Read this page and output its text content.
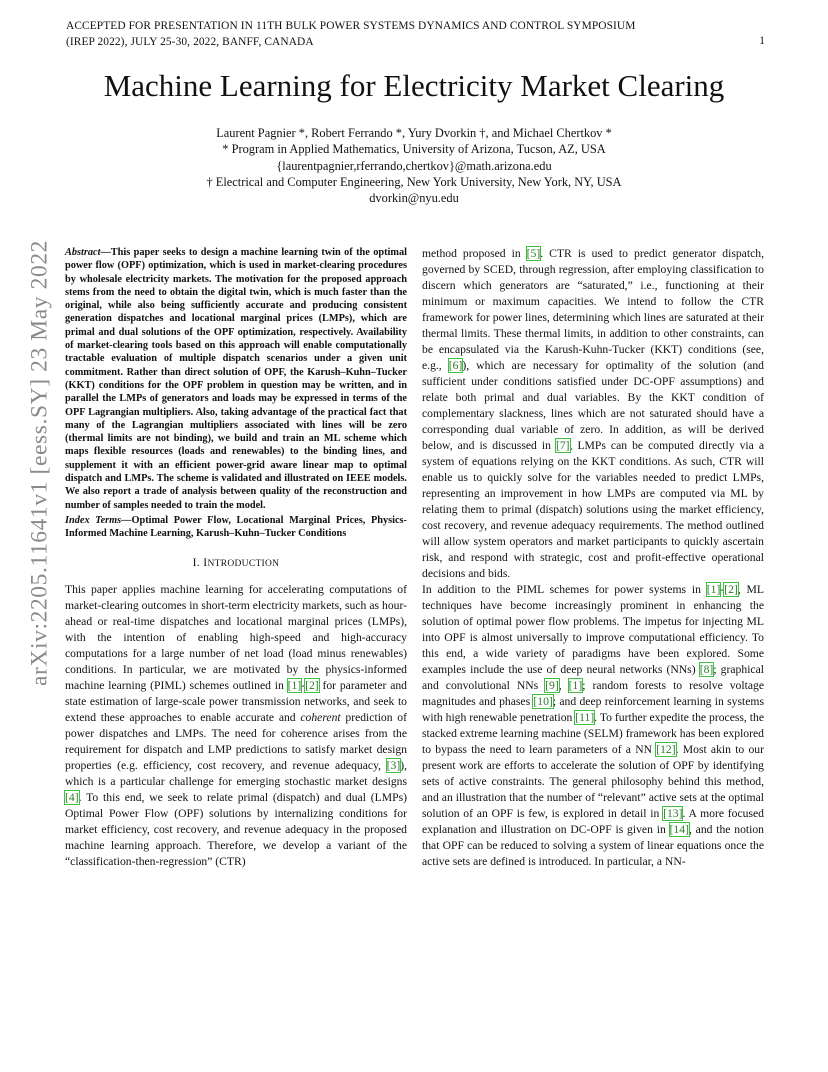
ACCEPTED FOR PRESENTATION IN 11TH BULK POWER SYSTEMS DYNAMICS AND CONTROL SYMPOSIUM
(IREP 2022), JULY 25-30, 2022, BANFF, CANADA	1
Machine Learning for Electricity Market Clearing
Laurent Pagnier *, Robert Ferrando *, Yury Dvorkin †, and Michael Chertkov *
* Program in Applied Mathematics, University of Arizona, Tucson, AZ, USA
{laurentpagnier,rferrando,chertkov}@math.arizona.edu
† Electrical and Computer Engineering, New York University, New York, NY, USA
dvorkin@nyu.edu
arXiv:2205.11641v1 [eess.SY] 23 May 2022 Abstract—This paper seeks to design a machine learning twin of the optimal power flow (OPF) optimization, which is used in market-clearing procedures by wholesale electricity markets. The motivation for the proposed approach stems from the need to obtain the digital twin, which is much faster than the original, while also being sufficiently accurate and producing consistent generation dispatches and locational marginal prices (LMPs), which are primal and dual solutions of the OPF optimization, respectively. Availability of market-clearing tools based on this approach will enable computationally tractable evaluation of multiple dispatch scenarios under a given unit commitment. Rather than direct solution of OPF, the Karush–Kuhn–Tucker (KKT) conditions for the OPF problem in question may be written, and in parallel the LMPs of generators and loads may be expressed in terms of the OPF Lagrangian multipliers. Also, taking advantage of the practical fact that many of the Lagrangian multipliers associated with lines will be zero (thermal limits are not binding), we build and train an ML scheme which maps flexible resources (loads and renewables) to the binding lines, and supplement it with an efficient power-grid aware linear map to optimal dispatch and LMPs. The scheme is validated and illustrated on IEEE models. We also report a trade of analysis between quality of the reconstruction and number of samples needed to train the model.

Index Terms—Optimal Power Flow, Locational Marginal Prices, Physics-Informed Machine Learning, Karush–Kuhn–Tucker Conditions

I. INTRODUCTION

This paper applies machine learning for accelerating computations of market-clearing outcomes in short-term electricity markets, such as hour-ahead or real-time dispatches and locational marginal prices (LMPs), with the intention of enabling high-speed and high-accuracy computations for a large number of net load (load minus renewables) conditions. In particular, we are motivated by the physics-informed machine learning (PIML) schemes outlined in [1]-[2] for parameter and state estimation of large-scale power transmission networks, and seek to extend these approaches to enable accurate and coherent prediction of power dispatches and LMPs. The need for coherence arises from the requirement for dispatch and LMP predictions to satisfy market design properties (e.g. efficiency, cost recovery, and revenue adequacy, [3]), which is a particular challenge for emerging stochastic market designs [4]. To this end, we seek to relate primal (dispatch) and dual (LMPs) Optimal Power Flow (OPF) solutions by internalizing conditions for market efficiency, cost recovery, and revenue adequacy in the proposed machine learning approach. Therefore, we develop a variant of the “classification-then-regression” (CTR)

method proposed in [5]. CTR is used to predict generator dispatch, governed by SCED, through regression, after employing classification to discern which generators are “saturated,” i.e., functioning at their minimum or maximum capacities. We intend to follow the CTR framework for power lines, determining which lines are saturated at their thermal limits. These thermal limits, in addition to other constraints, can be encapsulated via the Karush-Kuhn-Tucker (KKT) conditions (see, e.g., [6]), which are necessary for optimality of the solution (and sufficient under conditions satisfied under DC-OPF assumptions) and relate both primal and dual variables. By the KKT condition of complementary slackness, lines which are not saturated should have a corresponding dual variable of zero. In addition, as will be derived below, and is discussed in [7], LMPs can be computed directly via a system of equations relying on the KKT conditions. As such, CTR will enable us to quickly solve for the variables needed to predict LMPs, representing an improvement in how LMPs are computed via ML by relating them to primal (dispatch) solutions using the market efficiency, cost recovery, and revenue adequacy requirements. The method outlined will allow system operators and market participants to quickly ascertain risk, and respond with strategic, cost and profit-effective operational decisions and bids.

In addition to the PIML schemes for power systems in [1]-[2], ML techniques have become increasingly prominent in enhancing the solution of optimal power flow problems. The impetus for injecting ML into OPF is almost universally to improve computational efficiency. To this end, a wide variety of paradigms have been explored. Some examples include the use of deep neural networks (NNs) [8]; graphical and convolutional NNs [9], [1]; random forests to resolve voltage magnitudes and phases [10]; and deep reinforcement learning in systems with high renewable penetration [11]. To further expedite the process, the stacked extreme learning machine (SELM) framework has been explored to bypass the need to learn parameters of a NN [12]. Most akin to our present work are efforts to accelerate the solution of OPF by identifying sets of active constraints. The general philosophy behind this method, and an illustration that the number of “relevant” active sets at the optimal solution of an OPF is few, is explored in detail in [13]. A more focused explanation and illustration on DC-OPF is given in [14], and the notion that OPF can be reduced to solving a system of linear equations once the active sets are defined is introduced. In particular, a NN-
